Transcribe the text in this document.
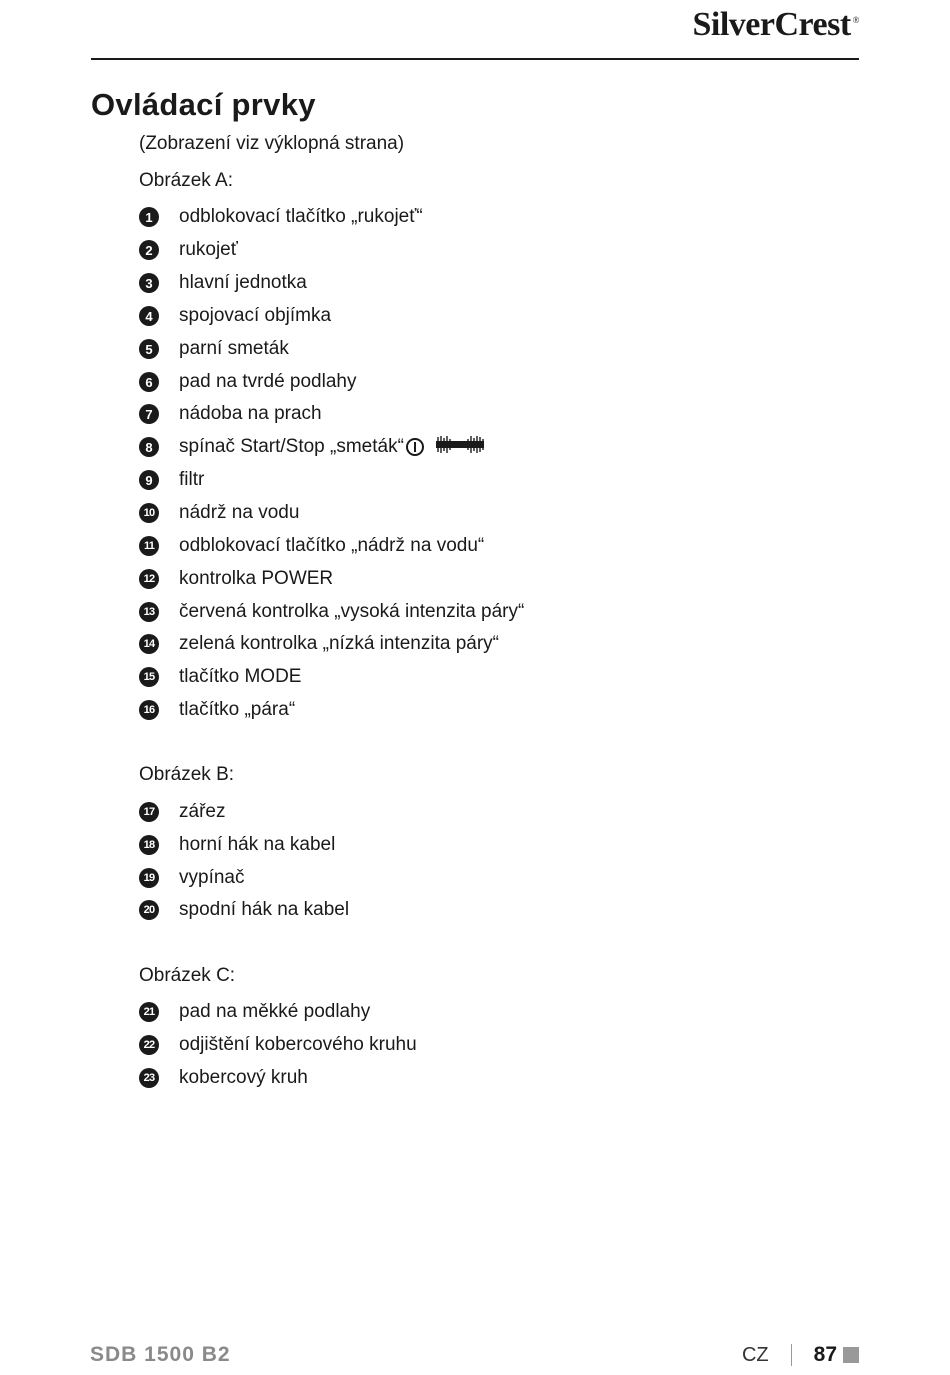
SilverCrest ®
Ovládací prvky
(Zobrazení viz výklopná strana)
Obrázek A:
1	odblokovací tlačítko „rukojeť“
2	rukojeť
3	hlavní jednotka
4	spojovací objímka
5	parní smeták
6	pad na tvrdé podlahy
7	nádoba na prach
8	spínač Start/Stop „smeták“
9	filtr
10 nádrž na vodu
11 odblokovací tlačítko „nádrž na vodu“
12 kontrolka POWER
13 červená kontrolka „vysoká intenzita páry“
14 zelená kontrolka „nízká intenzita páry“
15 tlačítko MODE
16 tlačítko „pára“
Obrázek B:
17 zářez
18 horní hák na kabel
19 vypínač
20 spodní hák na kabel
Obrázek C:
21 pad na měkké podlahy
22 odjištění kobercového kruhu
23 kobercový kruh
SDB 1500 B2	CZ 87
